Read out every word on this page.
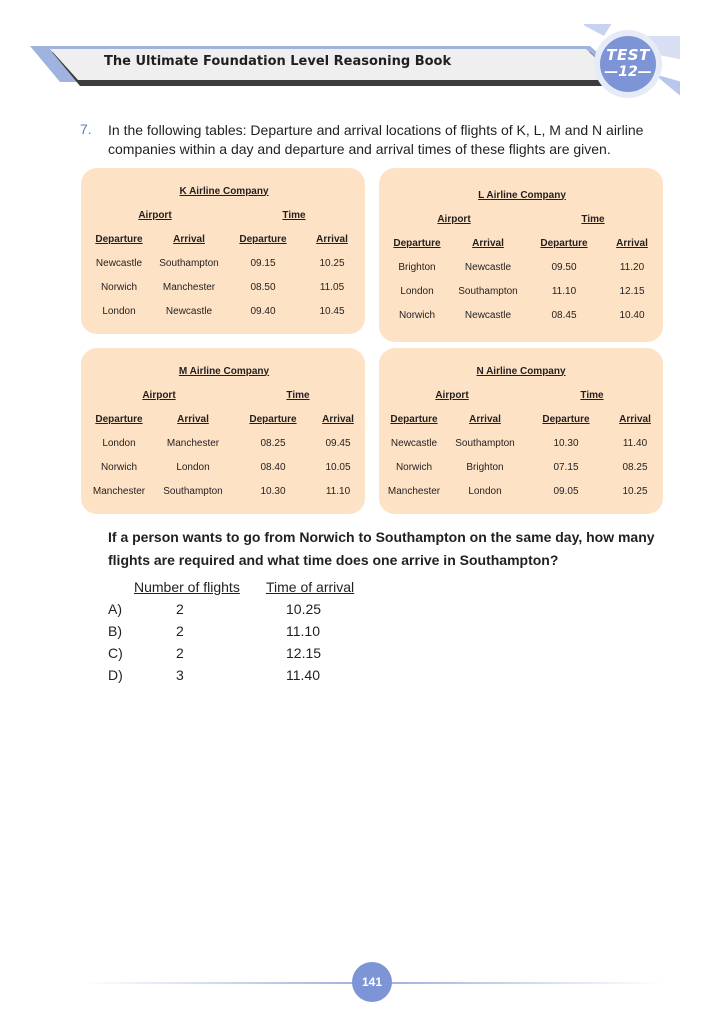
The Ultimate Foundation Level Reasoning Book	TEST
—12—
7. In the following tables: Departure and arrival locations of flights of K, L, M and N airline companies within a day and departure and arrival times of these flights are given.
K Airline Company			
Airport		Time	
Departure	Arrival	Departure	Arrival
Newcastle	Southampton	09.15	10.25
Norwich	Manchester	08.50	11.05
London	Newcastle	09.40	10.45
L Airline Company			
Airport		Time	
Departure	Arrival	Departure	Arrival
Brighton	Newcastle	09.50	11.20
London	Southampton	11.10	12.15
Norwich	Newcastle	08.45	10.40
M Airline Company			
Airport		Time	
Departure	Arrival	Departure	Arrival
London	Manchester	08.25	09.45
Norwich	London	08.40	10.05
Manchester	Southampton	10.30	11.10
N Airline Company			
Airport		Time	
Departure	Arrival	Departure	Arrival
Newcastle	Southampton	10.30	11.40
Norwich	Brighton	07.15	08.25
Manchester	London	09.05	10.25
If a person wants to go from Norwich to Southampton on the same day, how many flights are required and what time does one arrive in Southampton?
Number of flights Time of arrival
A)	2	10.25
B)	2	11.10
C)	2	12.15
D)	3	11.40
141
